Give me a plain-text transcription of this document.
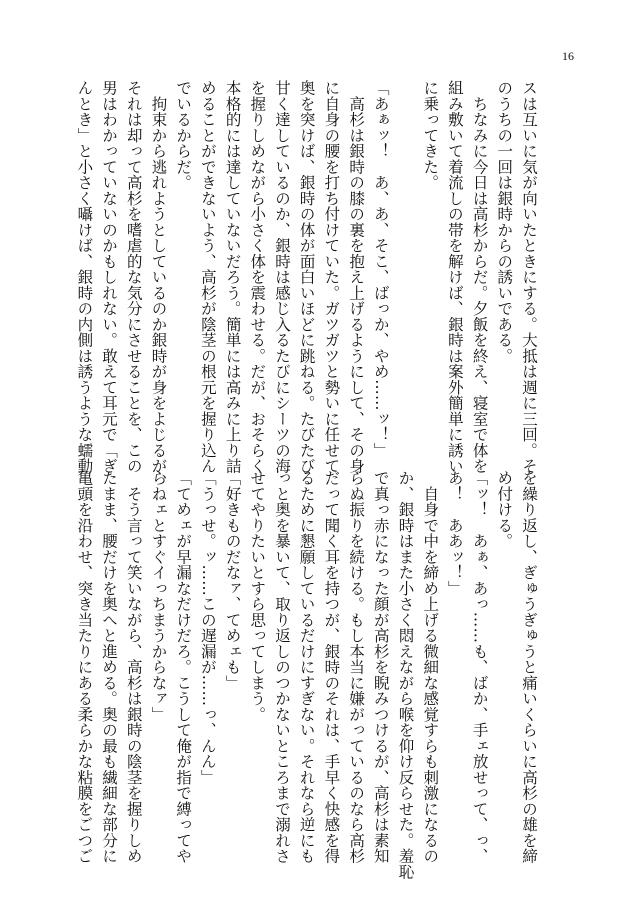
16
スは互いに気が向いたときにする。大抵は週に三回。そ
のうちの一回は銀時からの誘いである。
　ちなみに今日は高杉からだ。夕飯を終え、寝室で体を
組み敷いて着流しの帯を解けば、銀時は案外簡単に誘い
に乗ってきた。

「あぁッ！　あ、あ、そこ、ばっか、やめ……ッ！」
　高杉は銀時の膝の裏を抱え上げるようにして、その身
に自身の腰を打ち付けていた。ガツガツと勢いに任せて
奥を突けば、銀時の体が面白いほどに跳ねる。たびたび
甘く達しているのか、銀時は感じ入るたびにシーツの海
を握りしめながら小さく体を震わせる。だが、おそらく
本格的には達していないだろう。簡単には高みに上り詰
めることができないよう、高杉が陰茎の根元を握り込ん
でいるからだ。
　拘束から逃れようとしているのか銀時が身をよじるが、
それは却って高杉を嗜虐的な気分にさせることを、この
男はわかっていないのかもしれない。敢えて耳元で「ぎ
んとき」と小さく囁けば、銀時の内側は誘うような蠕動
を繰り返し、ぎゅうぎゅうと痛いくらいに高杉の雄を締
め付ける。
「ッ！　あぁ、あっ……も、ばか、手ェ放せって、っ、
あ！　ああッ！」
　自身で中を締め上げる微細な感覚すらも刺激になるの
か、銀時はまた小さく悶えながら喉を仰け反らせた。羞恥
で真っ赤になった顔が高杉を睨みつけるが、高杉は素知
らぬ振りを続ける。もし本当に嫌がっているのなら高杉
だって聞く耳を持つが、銀時のそれは、手早く快感を得
るために懇願しているだけにすぎない。それなら逆にも
っと奥を暴いて、取り返しのつかないところまで溺れさ
せてやりたいとすら思ってしまう。
「好きものだなァ、てめェも」
「うっせ。ッ……この遅漏が……っ、んん」
「てめェが早漏なだけだろ。こうして俺が指で縛ってや
らねェとすぐイっちまうからなァ」
　そう言って笑いながら、高杉は銀時の陰茎を握りしめ
たまま、腰だけを奥へと進める。奥の最も繊細な部分に
亀頭を沿わせ、突き当たりにある柔らかな粘膜をごつご
